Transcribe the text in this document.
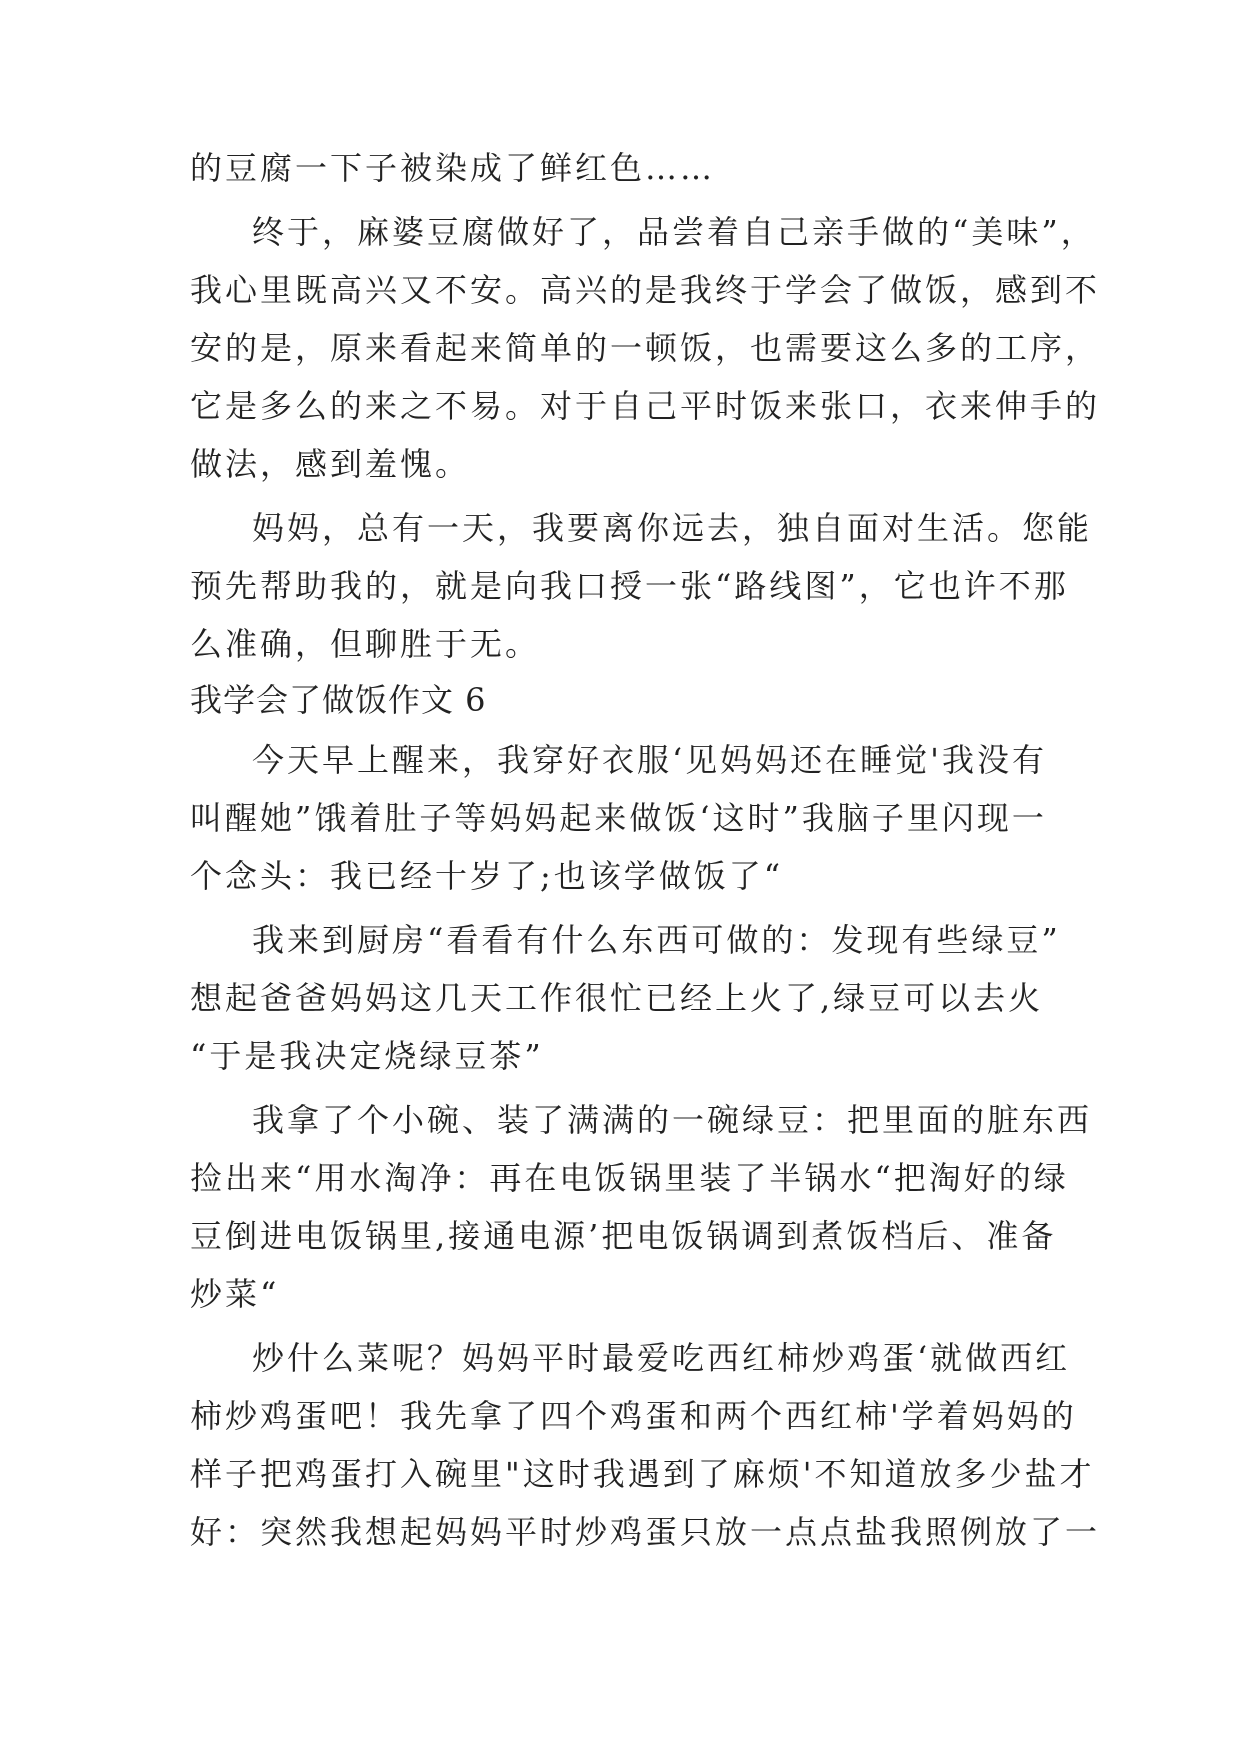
的豆腐一下子被染成了鲜红色……
终于，麻婆豆腐做好了，品尝着自己亲手做的“美味”，
我心里既高兴又不安。高兴的是我终于学会了做饭，感到不
安的是，原来看起来简单的一顿饭，也需要这么多的工序，
它是多么的来之不易。对于自己平时饭来张口，衣来伸手的
做法，感到羞愧。
妈妈，总有一天，我要离你远去，独自面对生活。您能
预先帮助我的，就是向我口授一张“路线图”，它也许不那
么准确，但聊胜于无。
我学会了做饭作文 6
今天早上醒来，我穿好衣服‘见妈妈还在睡觉'我没有
叫醒她”饿着肚子等妈妈起来做饭‘这时”我脑子里闪现一
个念头：我已经十岁了;也该学做饭了“
我来到厨房“看看有什么东西可做的：发现有些绿豆”
想起爸爸妈妈这几天工作很忙已经上火了,绿豆可以去火
“于是我决定烧绿豆茶”
我拿了个小碗、装了满满的一碗绿豆：把里面的脏东西
捡出来“用水淘净：再在电饭锅里装了半锅水“把淘好的绿
豆倒进电饭锅里,接通电源’把电饭锅调到煮饭档后、准备
炒菜“
炒什么菜呢？妈妈平时最爱吃西红柿炒鸡蛋‘就做西红
柿炒鸡蛋吧！我先拿了四个鸡蛋和两个西红柿'学着妈妈的
样子把鸡蛋打入碗里"这时我遇到了麻烦'不知道放多少盐才
好：突然我想起妈妈平时炒鸡蛋只放一点点盐我照例放了一
